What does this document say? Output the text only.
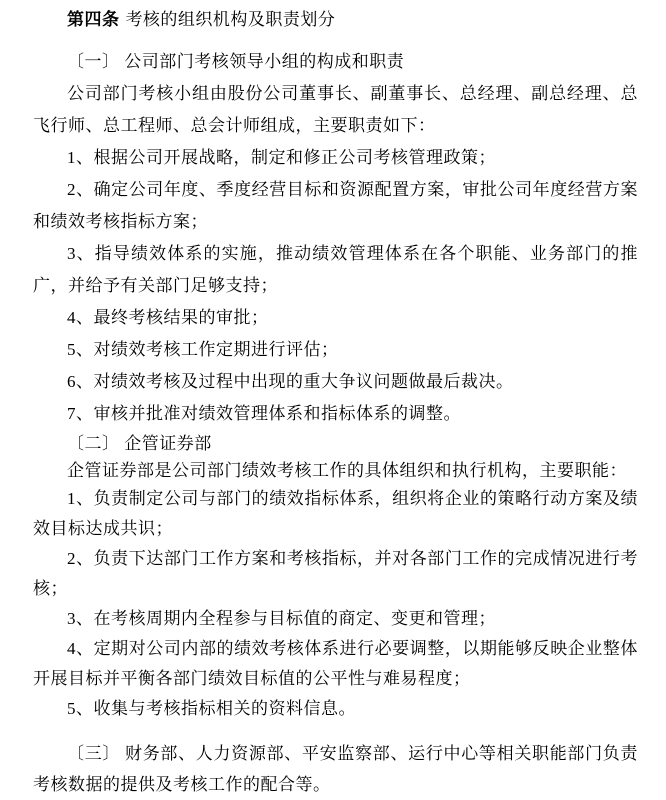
第四条 考核的组织机构及职责划分

〔一〕 公司部门考核领导小组的构成和职责

公司部门考核小组由股份公司董事长、副董事长、总经理、副总经理、总飞行师、总工程师、总会计师组成，主要职责如下：

1、根据公司开展战略，制定和修正公司考核管理政策；

2、确定公司年度、季度经营目标和资源配置方案，审批公司年度经营方案和绩效考核指标方案；

3、指导绩效体系的实施，推动绩效管理体系在各个职能、业务部门的推广，并给予有关部门足够支持；

4、最终考核结果的审批；

5、对绩效考核工作定期进行评估；

6、对绩效考核及过程中出现的重大争议问题做最后裁决。

7、审核并批准对绩效管理体系和指标体系的调整。

〔二〕 企管证券部

企管证券部是公司部门绩效考核工作的具体组织和执行机构，主要职能：

1、负责制定公司与部门的绩效指标体系，组织将企业的策略行动方案及绩效目标达成共识；

2、负责下达部门工作方案和考核指标，并对各部门工作的完成情况进行考核；

3、在考核周期内全程参与目标值的商定、变更和管理；

4、定期对公司内部的绩效考核体系进行必要调整，以期能够反映企业整体开展目标并平衡各部门绩效目标值的公平性与难易程度；

5、收集与考核指标相关的资料信息。

〔三〕 财务部、人力资源部、平安监察部、运行中心等相关职能部门负责考核数据的提供及考核工作的配合等。
